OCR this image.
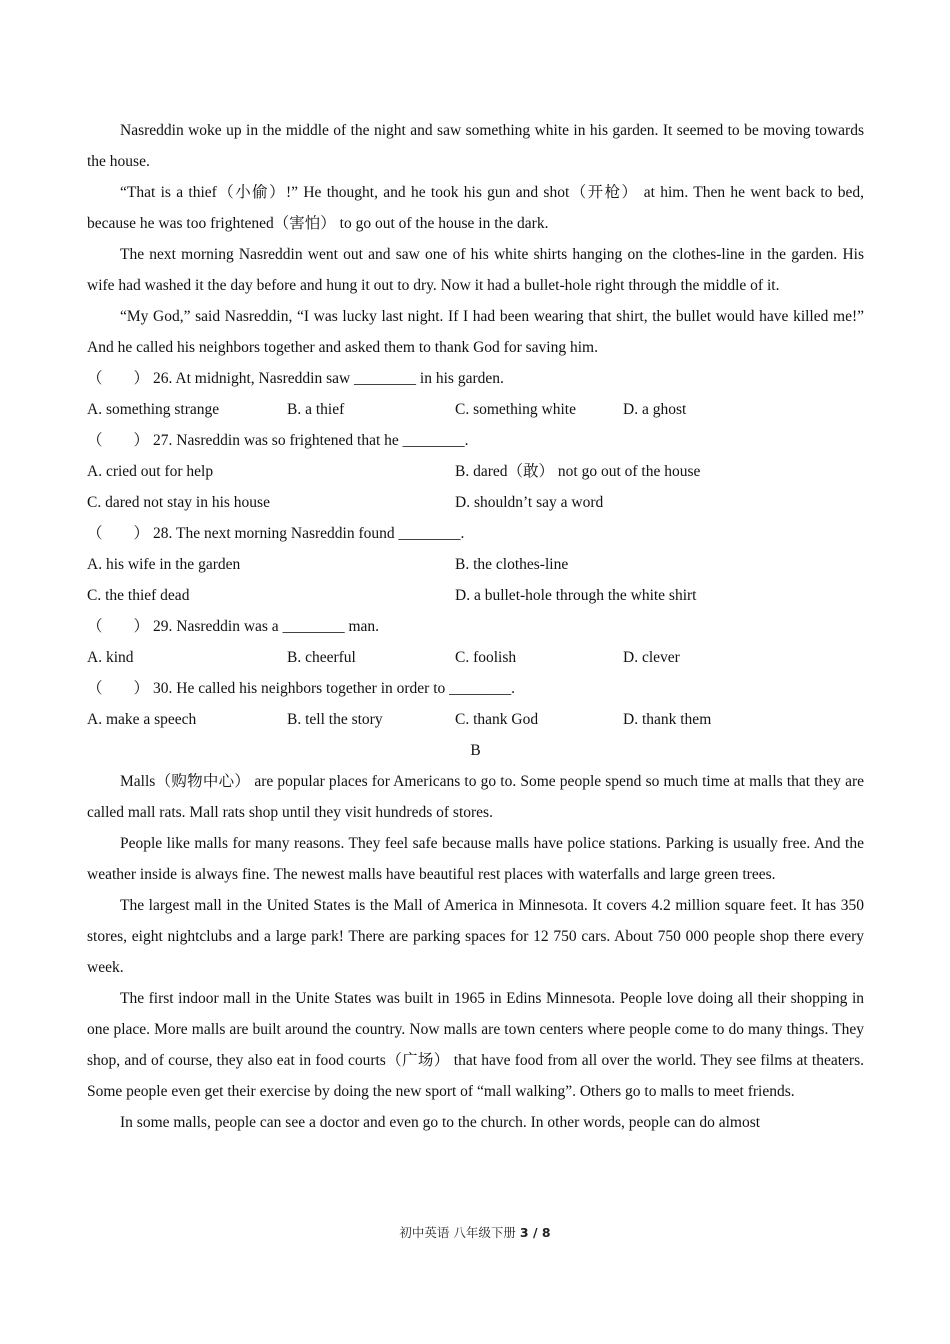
Nasreddin woke up in the middle of the night and saw something white in his garden. It seemed to be moving towards the house.

“That is a thief（小偷）!” He thought, and he took his gun and shot（开枪） at him. Then he went back to bed, because he was too frightened（害怕） to go out of the house in the dark.

The next morning Nasreddin went out and saw one of his white shirts hanging on the clothes-line in the garden. His wife had washed it the day before and hung it out to dry. Now it had a bullet-hole right through the middle of it.

“My God,” said Nasreddin, “I was lucky last night. If I had been wearing that shirt, the bullet would have killed me!” And he called his neighbors together and asked them to thank God for saving him.

（　　） 26. At midnight, Nasreddin saw ________ in his garden.

A. something strange	B. a thief	C. something white	D. a ghost

（　　） 27. Nasreddin was so frightened that he ________.

A. cried out for help	B. dared（敢） not go out of the house
C. dared not stay in his house	D. shouldn’t say a word

（　　） 28. The next morning Nasreddin found ________.

A. his wife in the garden	B. the clothes-line
C. the thief dead	D. a bullet-hole through the white shirt

（　　） 29. Nasreddin was a ________ man.

A. kind	B. cheerful	C. foolish	D. clever

（　　） 30. He called his neighbors together in order to ________.

A. make a speech	B. tell the story	C. thank God	D. thank them

B

Malls（购物中心） are popular places for Americans to go to. Some people spend so much time at malls that they are called mall rats. Mall rats shop until they visit hundreds of stores.

People like malls for many reasons. They feel safe because malls have police stations. Parking is usually free. And the weather inside is always fine. The newest malls have beautiful rest places with waterfalls and large green trees.

The largest mall in the United States is the Mall of America in Minnesota. It covers 4.2 million square feet. It has 350 stores, eight nightclubs and a large park! There are parking spaces for 12 750 cars. About 750 000 people shop there every week.

The first indoor mall in the Unite States was built in 1965 in Edins Minnesota. People love doing all their shopping in one place. More malls are built around the country. Now malls are town centers where people come to do many things. They shop, and of course, they also eat in food courts（广场） that have food from all over the world. They see films at theaters. Some people even get their exercise by doing the new sport of “mall walking”. Others go to malls to meet friends.

In some malls, people can see a doctor and even go to the church. In other words, people can do almost

初中英语 八年级下册 3 / 8
